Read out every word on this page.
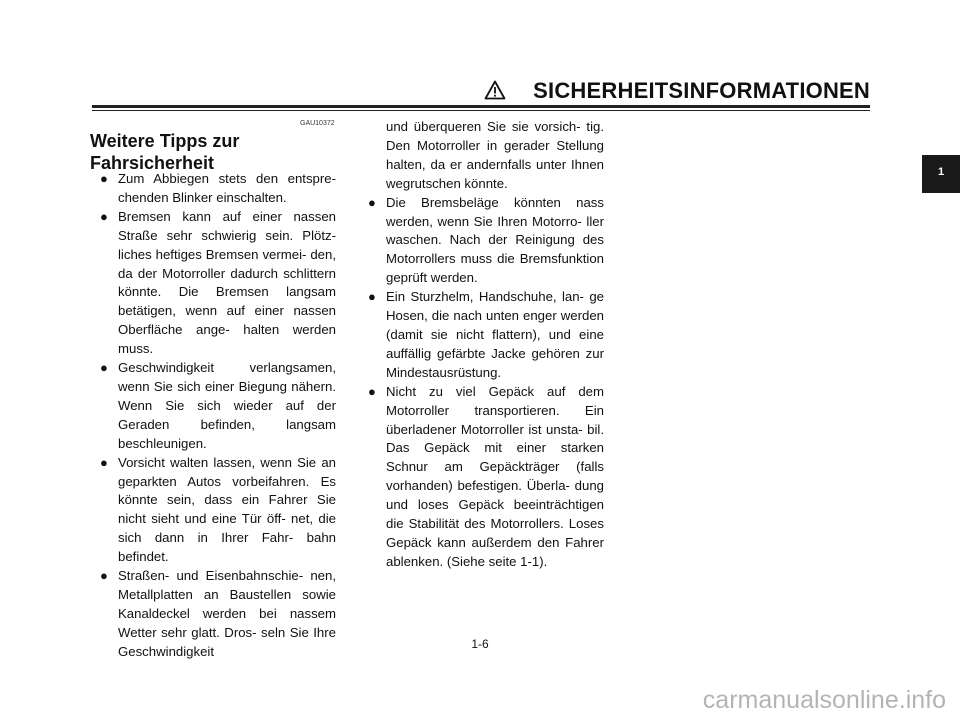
SICHERHEITSINFORMATIONEN
GAU10372
Weitere Tipps zur
Fahrsicherheit
● Zum Abbiegen stets den entspre- chenden Blinker einschalten.
● Bremsen kann auf einer nassen Straße sehr schwierig sein. Plötz- liches heftiges Bremsen vermei- den, da der Motorroller dadurch schlittern könnte. Die Bremsen langsam betätigen, wenn auf einer nassen Oberfläche ange- halten werden muss.
● Geschwindigkeit verlangsamen, wenn Sie sich einer Biegung nähern. Wenn Sie sich wieder auf der Geraden befinden, langsam beschleunigen.
● Vorsicht walten lassen, wenn Sie an geparkten Autos vorbeifahren. Es könnte sein, dass ein Fahrer Sie nicht sieht und eine Tür öff- net, die sich dann in Ihrer Fahr- bahn befindet.
● Straßen- und Eisenbahnschie- nen, Metallplatten an Baustellen sowie Kanaldeckel werden bei nassem Wetter sehr glatt. Dros- seln Sie Ihre Geschwindigkeit
und überqueren Sie sie vorsich- tig. Den Motorroller in gerader Stellung halten, da er andernfalls unter Ihnen wegrutschen könnte.
● Die Bremsbeläge könnten nass werden, wenn Sie Ihren Motorro- ller waschen. Nach der Reinigung des Motorrollers muss die Bremsfunktion geprüft werden.
● Ein Sturzhelm, Handschuhe, lan- ge Hosen, die nach unten enger werden (damit sie nicht flattern), und eine auffällig gefärbte Jacke gehören zur Mindestausrüstung.
● Nicht zu viel Gepäck auf dem Motorroller transportieren. Ein überladener Motorroller ist unsta- bil. Das Gepäck mit einer starken Schnur am Gepäckträger (falls vorhanden) befestigen. Überla- dung und loses Gepäck beeinträchtigen die Stabilität des Motorrollers. Loses Gepäck kann außerdem den Fahrer ablenken. (Siehe seite 1-1).
1
1-6
carmanualsonline.info
